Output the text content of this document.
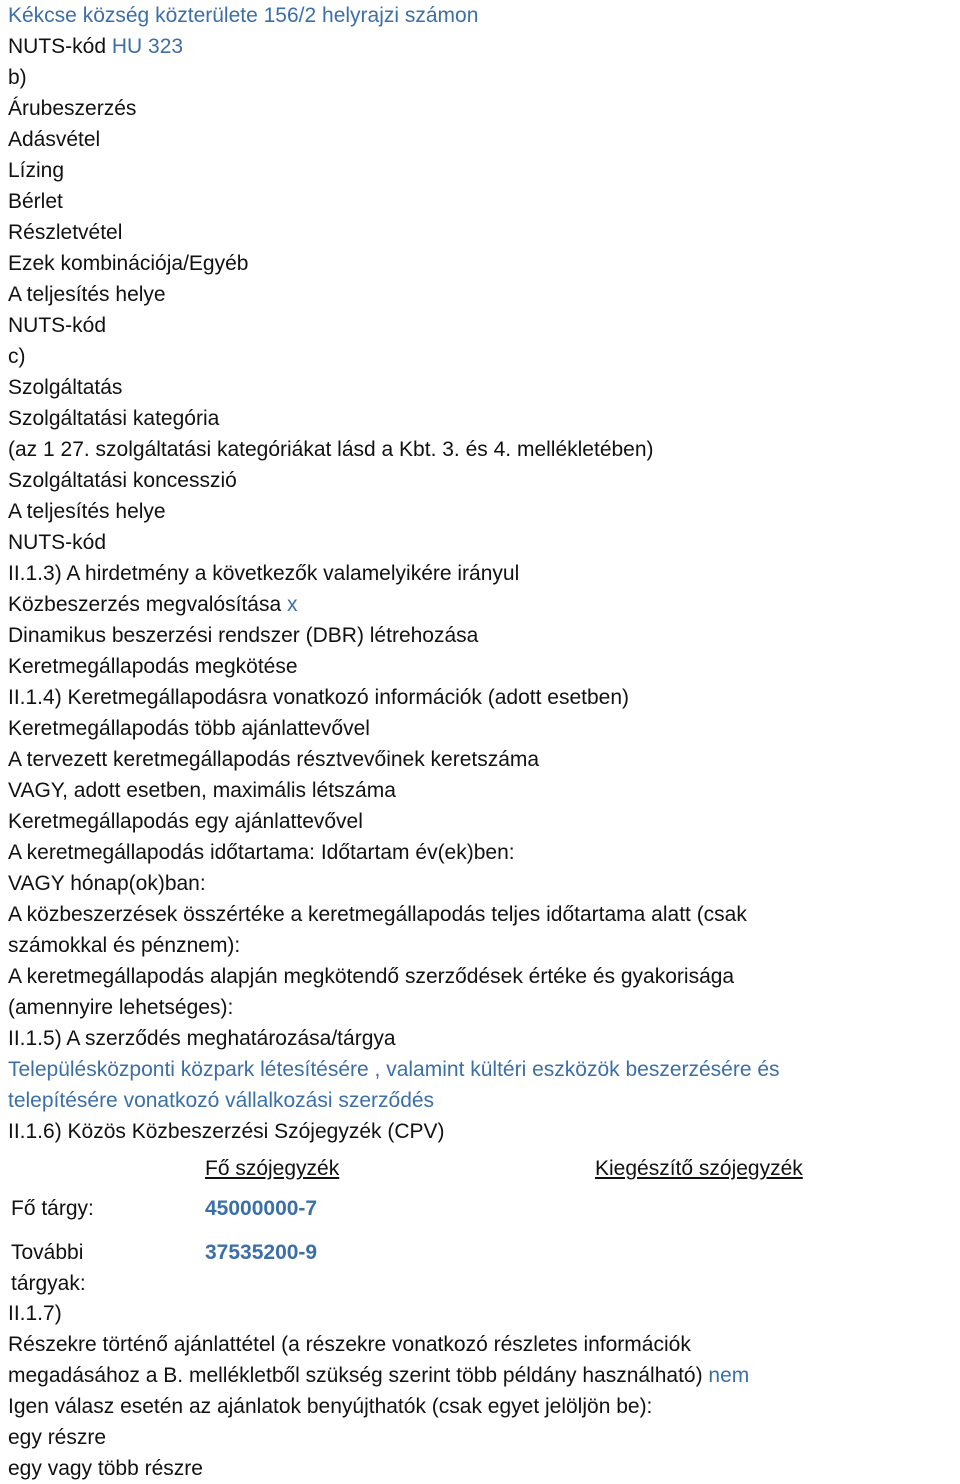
Kékcse község közterülete 156/2 helyrajzi számon
NUTS-kód HU 323
b)
Árubeszerzés
Adásvétel
Lízing
Bérlet
Részletvétel
Ezek kombinációja/Egyéb
A teljesítés helye
NUTS-kód
c)
Szolgáltatás
Szolgáltatási kategória
(az 1 27. szolgáltatási kategóriákat lásd a Kbt. 3. és 4. mellékletében)
Szolgáltatási koncesszió
A teljesítés helye
NUTS-kód
II.1.3) A hirdetmény a következők valamelyikére irányul
Közbeszerzés megvalósítása x
Dinamikus beszerzési rendszer (DBR) létrehozása
Keretmegállapodás megkötése
II.1.4) Keretmegállapodásra vonatkozó információk (adott esetben)
Keretmegállapodás több ajánlattevővel
A tervezett keretmegállapodás résztvevőinek keretszáma
VAGY, adott esetben, maximális létszáma
Keretmegállapodás egy ajánlattevővel
A keretmegállapodás időtartama: Időtartam év(ek)ben:
VAGY hónap(ok)ban:
A közbeszerzések összértéke a keretmegállapodás teljes időtartama alatt (csak
számokkal és pénznem):
A keretmegállapodás alapján megkötendő szerződések értéke és gyakorisága
(amennyire lehetséges):
II.1.5) A szerződés meghatározása/tárgya
Településközponti közpark létesítésére , valamint kültéri eszközök beszerzésére és
telepítésére vonatkozó vállalkozási szerződés
II.1.6) Közös Közbeszerzési Szójegyzék (CPV)
Fő szójegyzék	Kiegészítő szójegyzék
Fő tárgy:	45000000-7
További
tárgyak:
37535200-9
II.1.7)
Részekre történő ajánlattétel (a részekre vonatkozó részletes információk
megadásához a B. mellékletből szükség szerint több példány használható) nem
Igen válasz esetén az ajánlatok benyújthatók (csak egyet jelöljön be):
egy részre
egy vagy több részre
